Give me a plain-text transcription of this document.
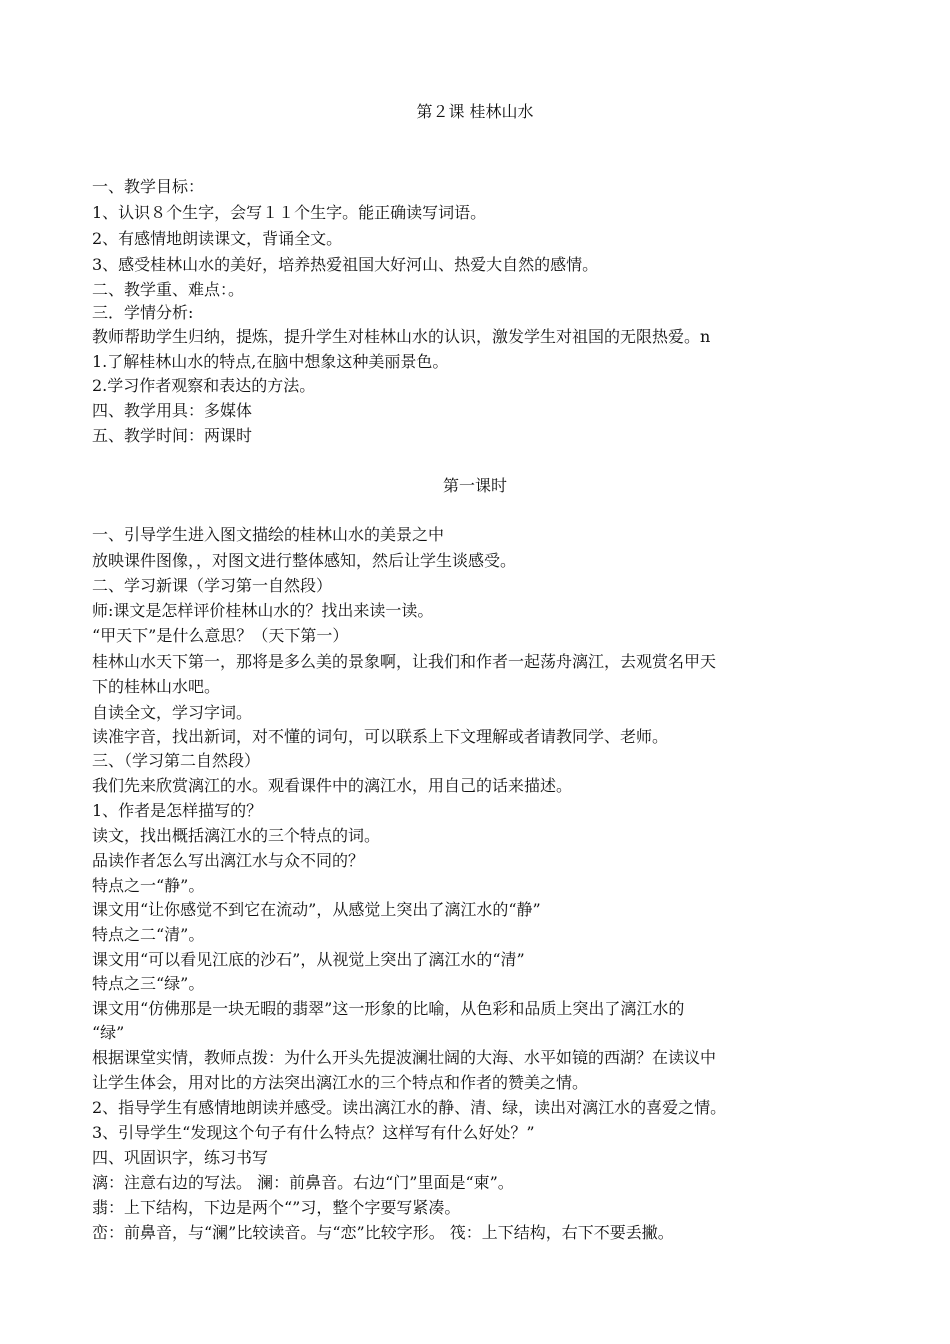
第２课 桂林山水
一、教学目标：
1、认识８个生字，会写１１个生字。能正确读写词语。
2、有感情地朗读课文，背诵全文。
3、感受桂林山水的美好，培养热爱祖国大好河山、热爱大自然的感情。
二、教学重、难点：。
三．学情分析:
教师帮助学生归纳，提炼，提升学生对桂林山水的认识，激发学生对祖国的无限热爱。n
1.了解桂林山水的特点,在脑中想象这种美丽景色。
2.学习作者观察和表达的方法。
四、教学用具：多媒体
五、教学时间：两课时
第一课时
一、引导学生进入图文描绘的桂林山水的美景之中
放映课件图像，，对图文进行整体感知，然后让学生谈感受。
二、学习新课（学习第一自然段）
师:课文是怎样评价桂林山水的？找出来读一读。
“甲天下”是什么意思？（天下第一）
桂林山水天下第一，那将是多么美的景象啊，让我们和作者一起荡舟漓江，去观赏名甲天
下的桂林山水吧。
自读全文，学习字词。
读准字音，找出新词，对不懂的词句，可以联系上下文理解或者请教同学、老师。
三、（学习第二自然段）
我们先来欣赏漓江的水。观看课件中的漓江水，用自己的话来描述。
1、作者是怎样描写的？
读文，找出概括漓江水的三个特点的词。
品读作者怎么写出漓江水与众不同的？
特点之一“静”。
课文用“让你感觉不到它在流动”，从感觉上突出了漓江水的“静”
特点之二“清”。
课文用“可以看见江底的沙石”，从视觉上突出了漓江水的“清”
特点之三“绿”。
课文用“仿佛那是一块无暇的翡翠”这一形象的比喻，从色彩和品质上突出了漓江水的
“绿”
根据课堂实情，教师点拨：为什么开头先提波澜壮阔的大海、水平如镜的西湖？在读议中
让学生体会，用对比的方法突出漓江水的三个特点和作者的赞美之情。
2、指导学生有感情地朗读并感受。读出漓江水的静、清、绿，读出对漓江水的喜爱之情。
3、引导学生“发现这个句子有什么特点？这样写有什么好处？”
四、巩固识字，练习书写
漓：注意右边的写法。 澜：前鼻音。右边“门”里面是“柬”。
翡：上下结构，下边是两个“”习，整个字要写紧凑。
峦：前鼻音，与“澜”比较读音。与“恋”比较字形。 筏：上下结构，右下不要丢撇。
